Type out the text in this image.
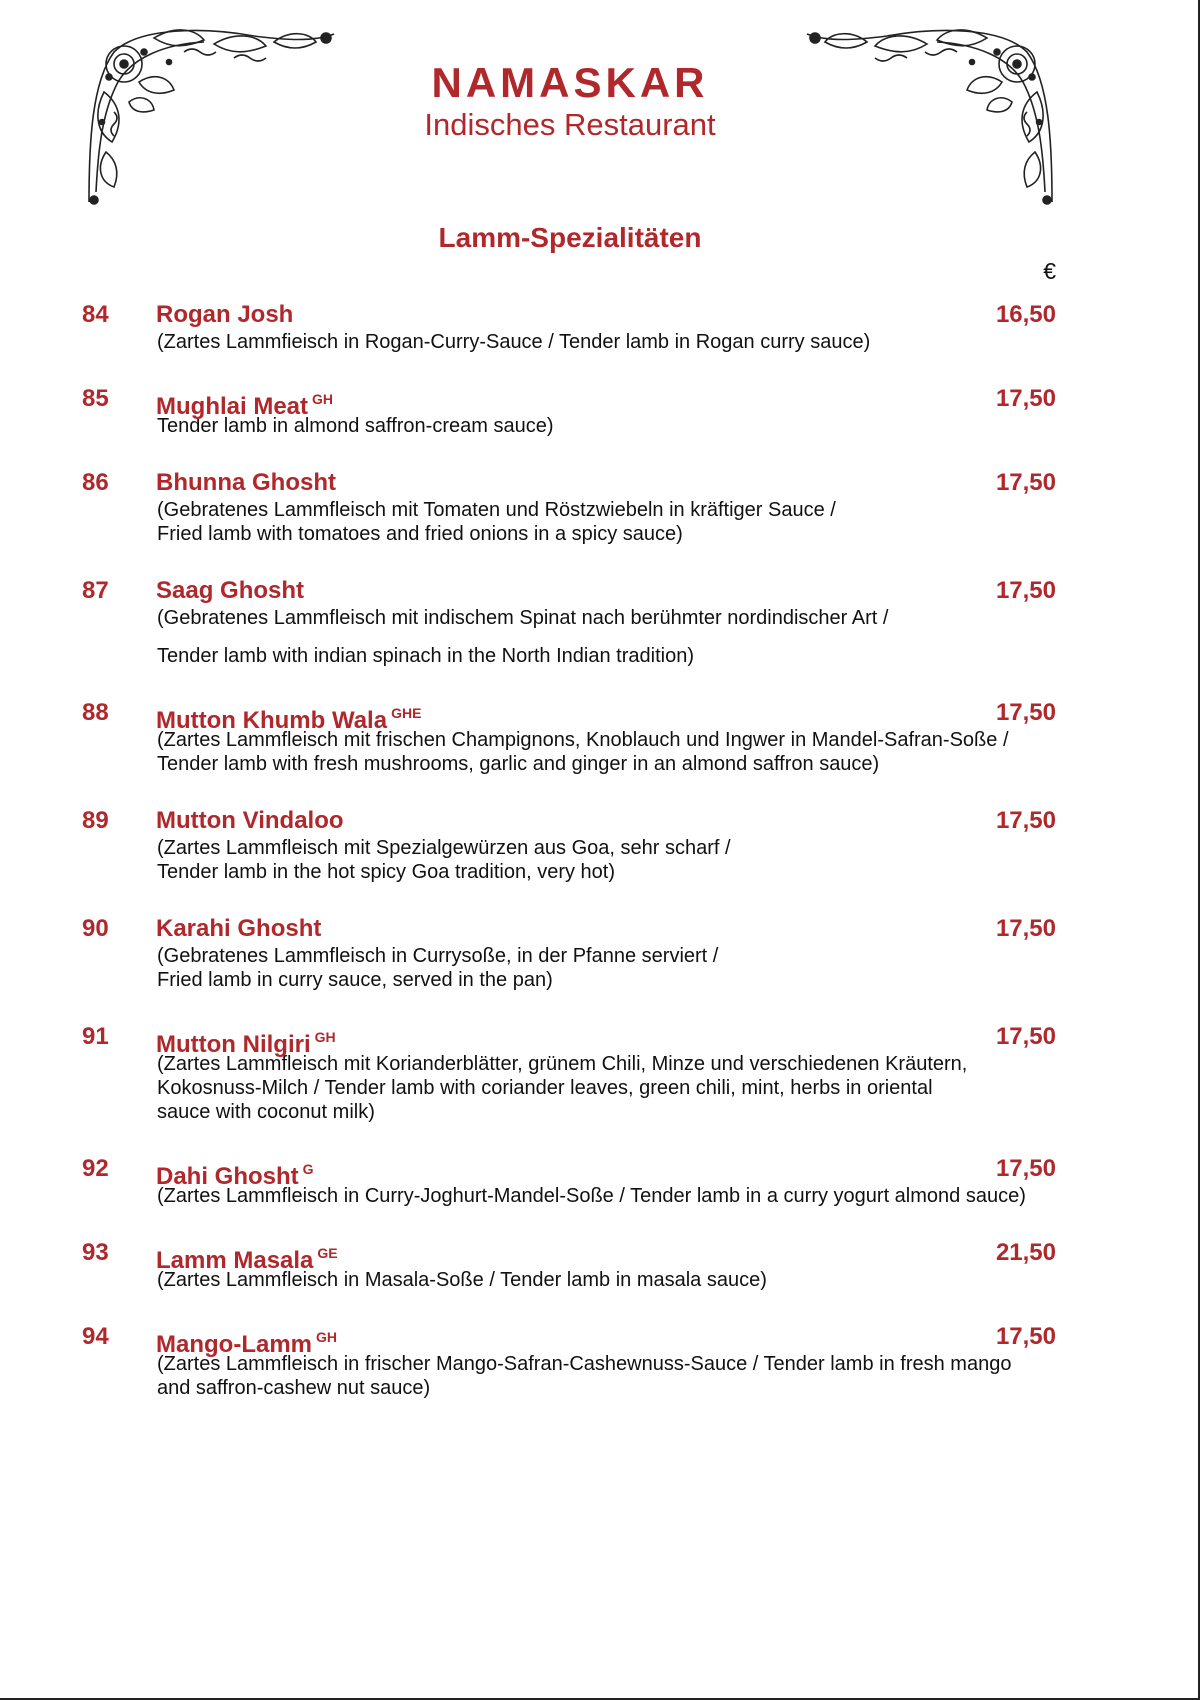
NAMASKAR
Indisches Restaurant
Lamm-Spezialitäten
€
84 Rogan Josh	16,50
(Zartes Lammfieisch in Rogan-Curry-Sauce / Tender lamb in Rogan curry sauce)
85 Mughlai Meat $^{GH}$	17,50
Tender lamb in almond saffron-cream sauce)
86 Bhunna Ghosht	17,50
(Gebratenes Lammfleisch mit Tomaten und Röstzwiebeln in kräftiger Sauce /
Fried lamb with tomatoes and fried onions in a spicy sauce)
87 Saag Ghosht	17,50
(Gebratenes Lammfleisch mit indischem Spinat nach berühmter nordindischer Art /
Tender lamb with indian spinach in the North Indian tradition)
88 Mutton Khumb Wala $^{GHE}$	17,50
(Zartes Lammfleisch mit frischen Champignons, Knoblauch und Ingwer in Mandel-Safran-Soße /
Tender lamb with fresh mushrooms, garlic and ginger in an almond saffron sauce)
89 Mutton Vindaloo	17,50
(Zartes Lammfleisch mit Spezialgewürzen aus Goa, sehr scharf /
Tender lamb in the hot spicy Goa tradition, very hot)
90 Karahi Ghosht	17,50
(Gebratenes Lammfleisch in Currysoße, in der Pfanne serviert /
Fried lamb in curry sauce, served in the pan)
91 Mutton Nilgiri $^{GH}$	17,50
(Zartes Lammfleisch mit Korianderblätter, grünem Chili, Minze und verschiedenen Kräutern,
Kokosnuss-Milch / Tender lamb with coriander leaves, green chili, mint, herbs in oriental
sauce with coconut milk)
92 Dahi Ghosht $^G$	17,50
(Zartes Lammfleisch in Curry-Joghurt-Mandel-Soße / Tender lamb in a curry yogurt almond sauce)
93 Lamm Masala $^{GE}$	21,50
(Zartes Lammfleisch in Masala-Soße / Tender lamb in masala sauce)
94 Mango-Lamm $^{GH}$	17,50
(Zartes Lammfleisch in frischer Mango-Safran-Cashewnuss-Sauce / Tender lamb in fresh mango
and saffron-cashew nut sauce)
